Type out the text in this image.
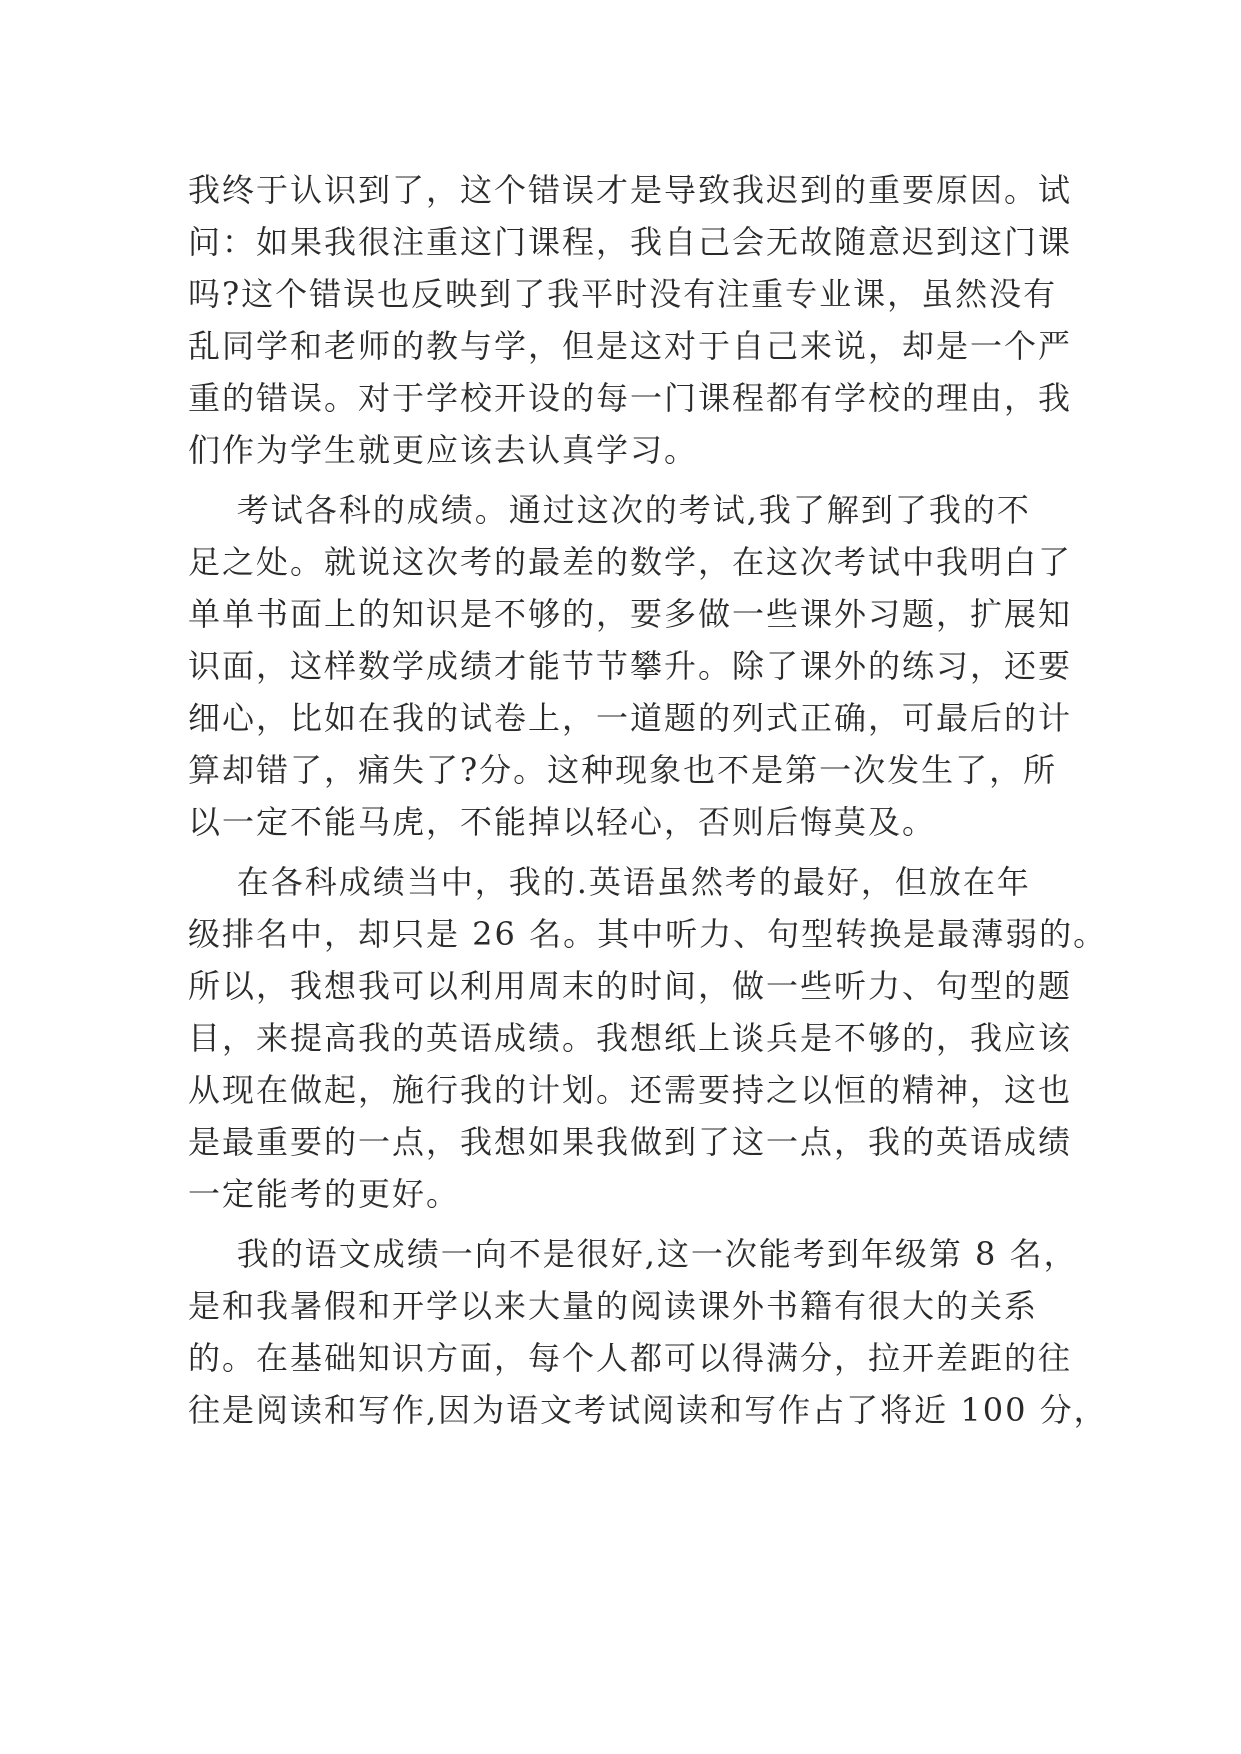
我终于认识到了，这个错误才是导致我迟到的重要原因。试
问：如果我很注重这门课程，我自己会无故随意迟到这门课
吗?这个错误也反映到了我平时没有注重专业课，虽然没有
乱同学和老师的教与学，但是这对于自己来说，却是一个严
重的错误。对于学校开设的每一门课程都有学校的理由，我
们作为学生就更应该去认真学习。
考试各科的成绩。通过这次的考试,我了解到了我的不
足之处。就说这次考的最差的数学，在这次考试中我明白了
单单书面上的知识是不够的，要多做一些课外习题，扩展知
识面，这样数学成绩才能节节攀升。除了课外的练习，还要
细心，比如在我的试卷上，一道题的列式正确，可最后的计
算却错了，痛失了?分。这种现象也不是第一次发生了，所
以一定不能马虎，不能掉以轻心，否则后悔莫及。
在各科成绩当中，我的.英语虽然考的最好，但放在年
级排名中，却只是 26 名。其中听力、句型转换是最薄弱的。
所以，我想我可以利用周末的时间，做一些听力、句型的题
目，来提高我的英语成绩。我想纸上谈兵是不够的，我应该
从现在做起，施行我的计划。还需要持之以恒的精神，这也
是最重要的一点，我想如果我做到了这一点，我的英语成绩
一定能考的更好。
我的语文成绩一向不是很好,这一次能考到年级第 8 名，
是和我暑假和开学以来大量的阅读课外书籍有很大的关系
的。在基础知识方面，每个人都可以得满分，拉开差距的往
往是阅读和写作,因为语文考试阅读和写作占了将近 100 分，
